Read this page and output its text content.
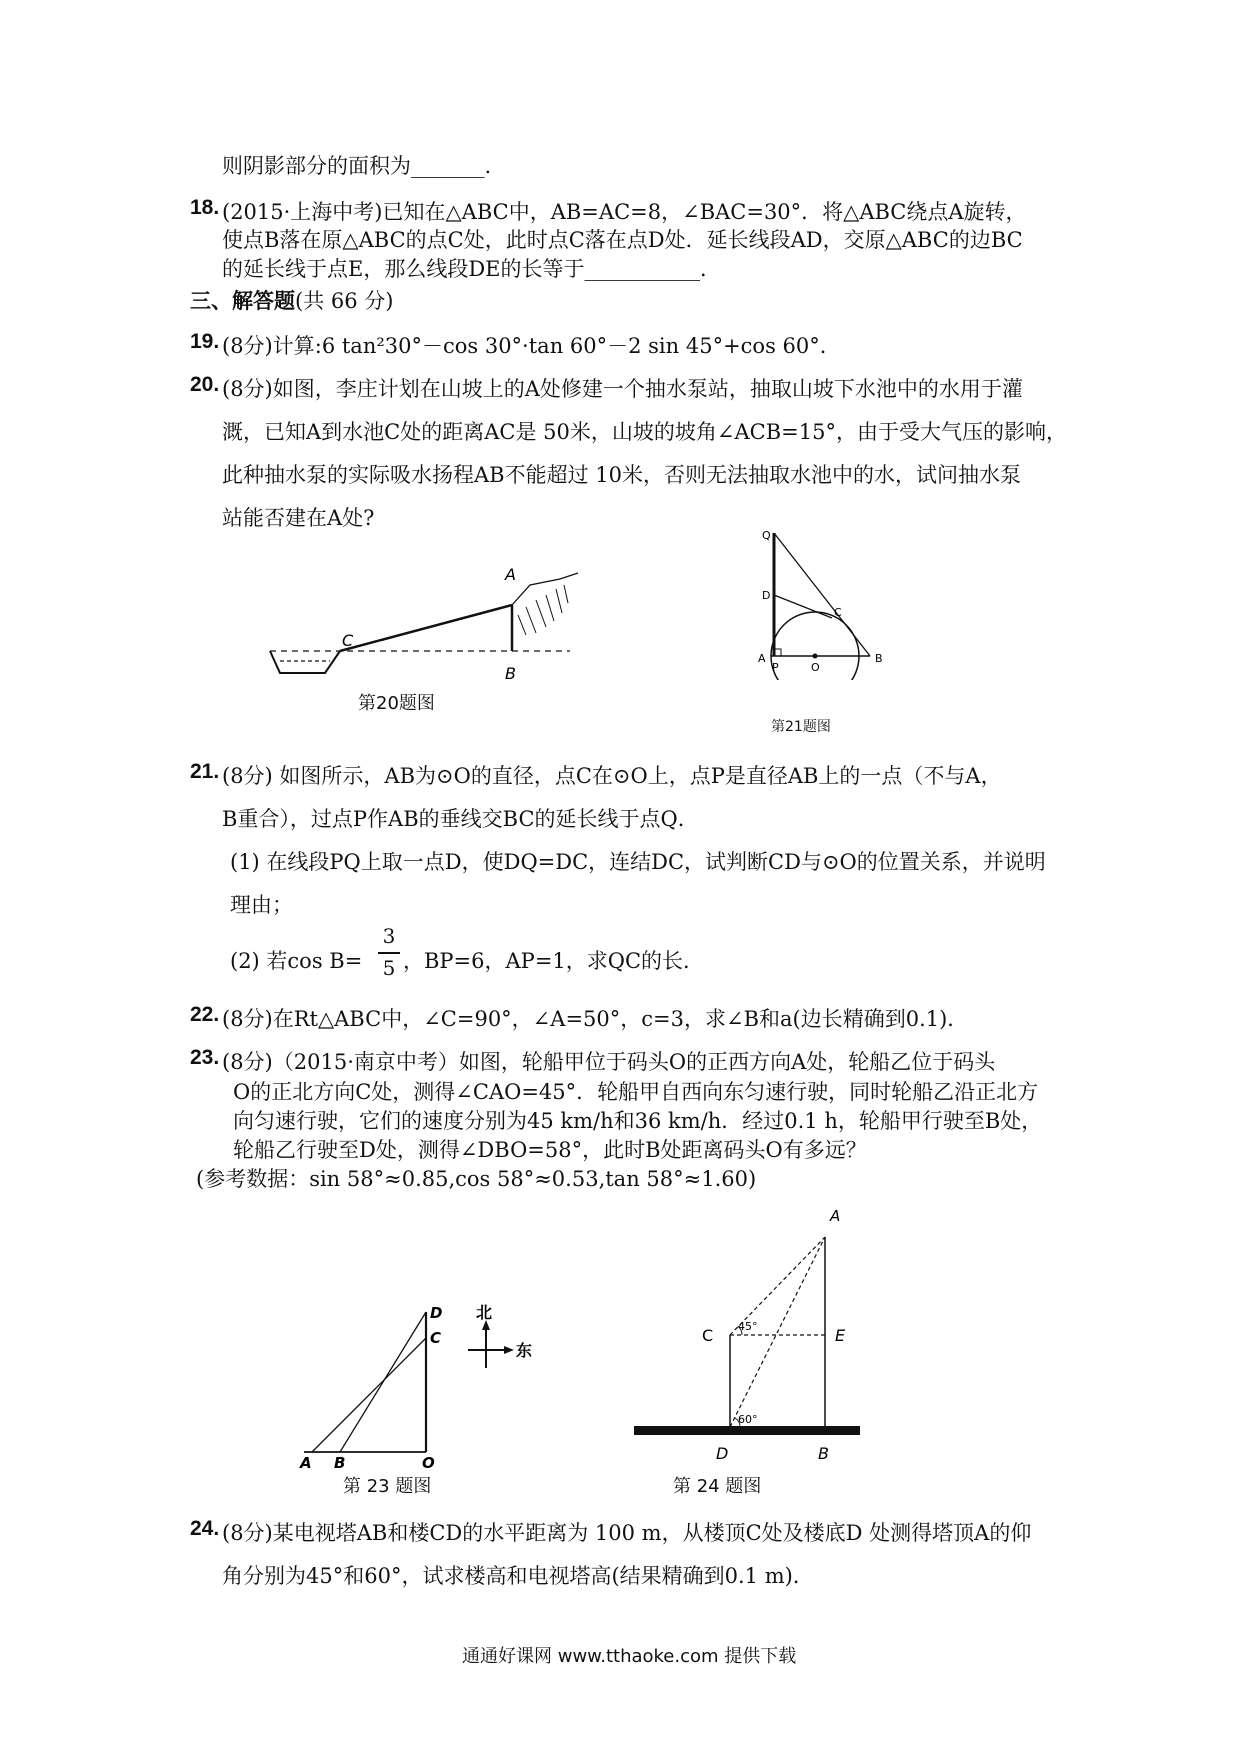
则阴影部分的面积为_______.
18. (2015·上海中考)已知在△ABC中，AB=AC=8，∠BAC=30°．将△ABC绕点A旋转，
使点B落在原△ABC的点C处，此时点C落在点D处．延长线段AD，交原△ABC的边BC
的延长线于点E，那么线段DE的长等于___________．
三、解答题(共 66 分)
19. (8分)计算:6 tan²30°－cos 30°·tan 60°－2 sin 45°+cos 60°．
20. (8分)如图，李庄计划在山坡上的A处修建一个抽水泵站，抽取山坡下水池中的水用于灌
溉，已知A到水池C处的距离AC是 50米，山坡的坡角∠ACB=15°，由于受大气压的影响，
此种抽水泵的实际吸水扬程AB不能超过 10米，否则无法抽取水池中的水，试问抽水泵
站能否建在A处?
A
B
C
第20题图
Q
D
C
A
P	O
B
第21题图
21. (8分) 如图所示，AB为⊙O的直径，点C在⊙O上，点P是直径AB上的一点（不与A，
B重合），过点P作AB的垂线交BC的延长线于点Q．
(1) 在线段PQ上取一点D，使DQ=DC，连结DC，试判断CD与⊙O的位置关系，并说明
理由；
(2) 若cos B=
3
5 ，BP=6，AP=1，求QC的长．
22. (8分)在Rt△ABC中，∠C=90°，∠A=50°，c=3，求∠B和a(边长精确到0.1)．
23. (8分)（2015·南京中考）如图，轮船甲位于码头O的正西方向A处，轮船乙位于码头
O的正北方向C处，测得∠CAO=45°．轮船甲自西向东匀速行驶，同时轮船乙沿正北方
向匀速行驶，它们的速度分别为45 km/h和36 km/h．经过0.1 h，轮船甲行驶至B处，
轮船乙行驶至D处，测得∠DBO=58°，此时B处距离码头O有多远？
(参考数据：sin 58°≈0.85,cos 58°≈0.53,tan 58°≈1.60)
D
C
A B	O
北
东
第 23 题图
A
C	E
D	B
45°
60°
第 24 题图
24. (8分)某电视塔AB和楼CD的水平距离为 100 m，从楼顶C处及楼底D 处测得塔顶A的仰
角分别为45°和60°，试求楼高和电视塔高(结果精确到0.1 m)．
通通好课网 www.tthaoke.com 提供下载
